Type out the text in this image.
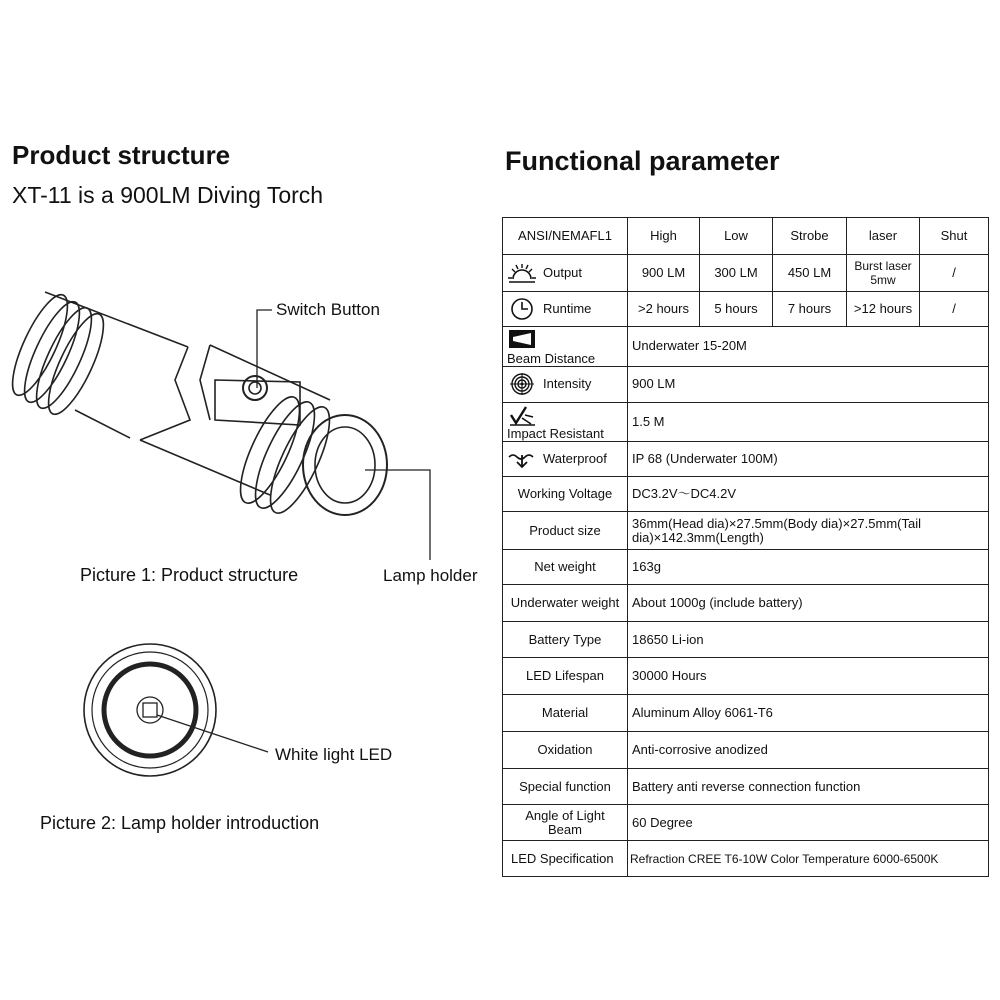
Product structure
XT-11 is a 900LM Diving Torch
Switch Button
Lamp holder
Picture 1: Product structure
White light LED
Picture 2: Lamp holder introduction
Functional parameter
ANSI/NEMAFL1	High	Low	Strobe	laser	Shut

Output	900 LM	300 LM	450 LM	Burst laser 5mw	/

Runtime	>2 hours	5 hours	7 hours	>12 hours	/

Beam Distance	Underwater 15-20M				

Intensity	900 LM				

Impact Resistant	1.5 M				

Waterproof	IP 68 (Underwater 100M)				
Working Voltage	DC3.2V～DC4.2V				
Product size	36mm(Head dia)×27.5mm(Body dia)×27.5mm(Tail dia)×142.3mm(Length)				
Net weight	163g				
Underwater weight	About 1000g (include battery)				
Battery Type	18650 Li-ion				
LED Lifespan	30000 Hours				
Material	Aluminum Alloy 6061-T6				
Oxidation	Anti-corrosive anodized				
Special function	Battery anti reverse connection function				
Angle of Light Beam	60 Degree				
LED Specification	Refraction CREE T6-10W Color Temperature 6000-6500K				
